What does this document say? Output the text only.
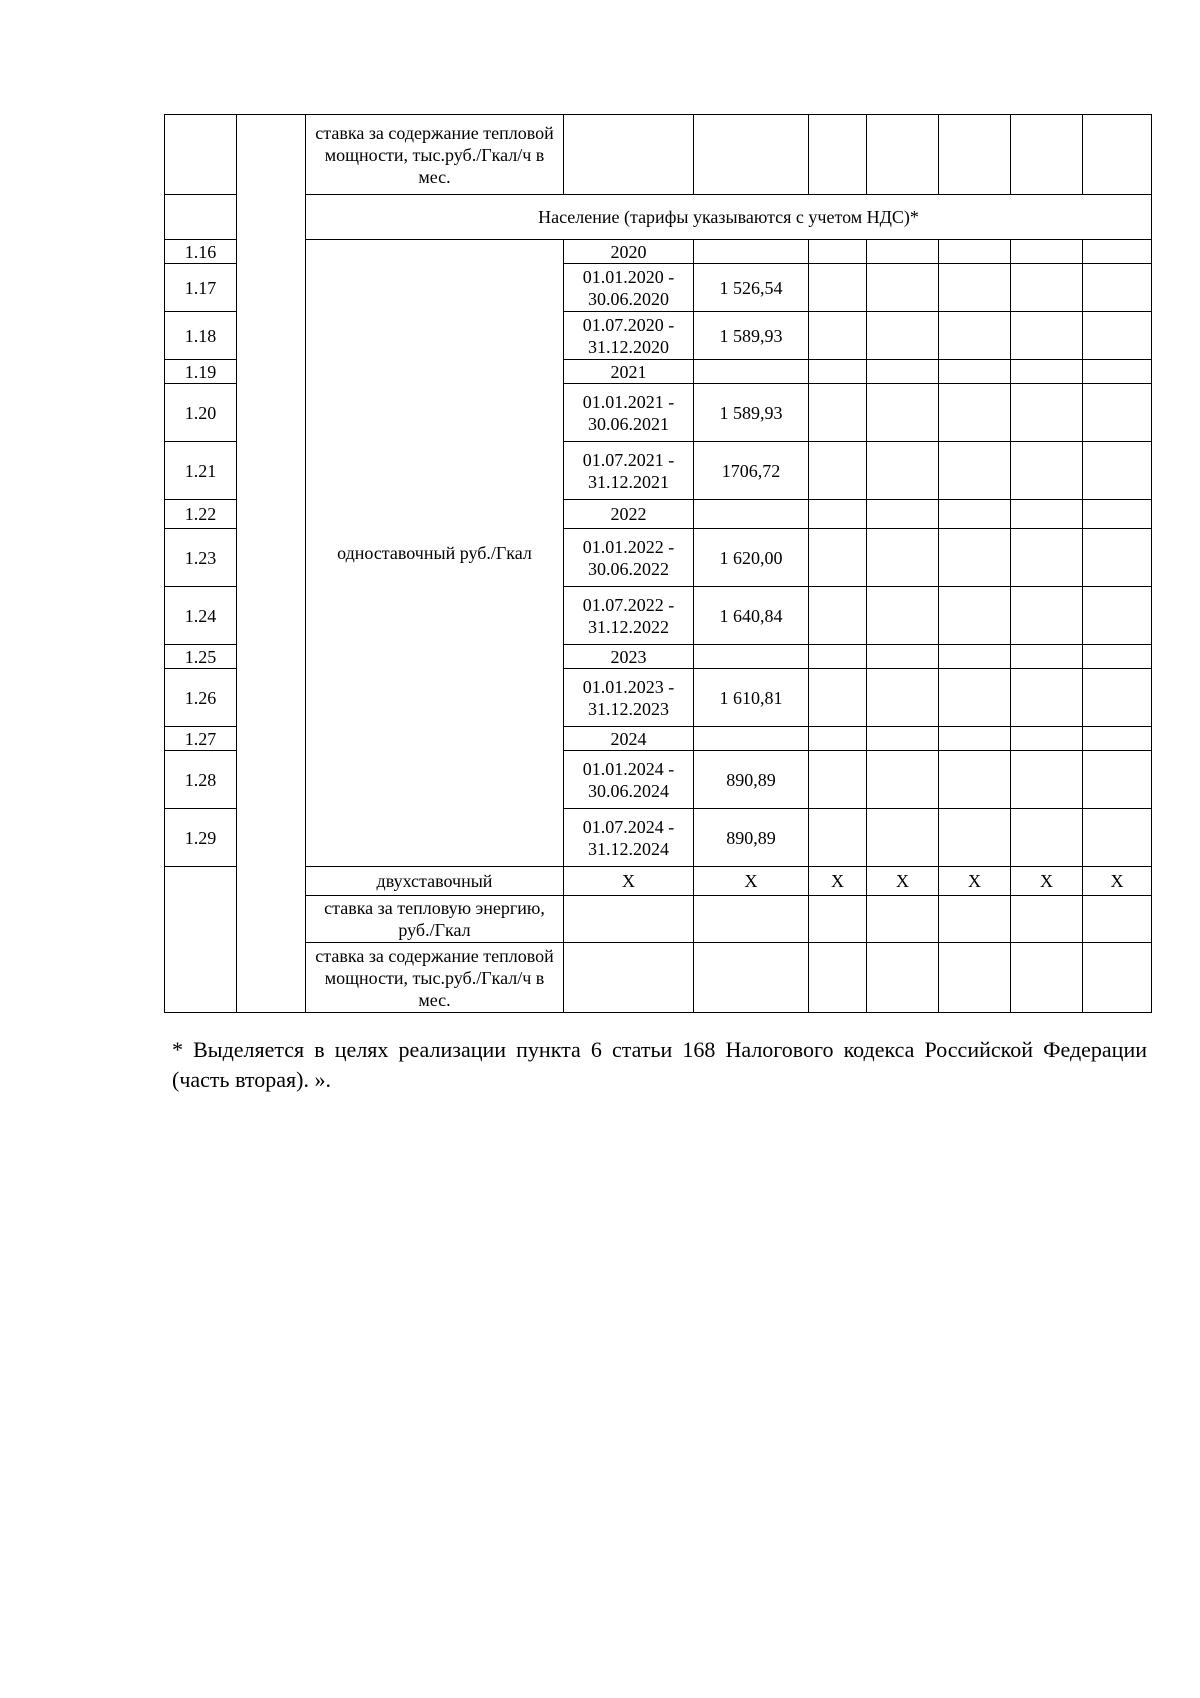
		ставка за содержание тепловой мощности, тыс.руб./Гкал/ч в мес.							
		Население (тарифы указываются с учетом НДС)*							
1.16		одноставочный руб./Гкал	2020						
1.17			01.01.2020 - 30.06.2020	1 526,54					
1.18			01.07.2020 - 31.12.2020	1 589,93					
1.19			2021						
1.20			01.01.2021 - 30.06.2021	1 589,93					
1.21			01.07.2021 - 31.12.2021	1706,72					
1.22			2022						
1.23			01.01.2022 - 30.06.2022	1 620,00					
1.24			01.07.2022 - 31.12.2022	1 640,84					
1.25			2023						
1.26			01.01.2023 - 31.12.2023	1 610,81					
1.27			2024						
1.28			01.01.2024 - 30.06.2024	890,89					
1.29			01.07.2024 - 31.12.2024	890,89					
		двухставочный	X	X	X	X	X	X	X
		ставка за тепловую энергию, руб./Гкал							
		ставка за содержание тепловой мощности, тыс.руб./Гкал/ч в мес.							
* Выделяется в целях реализации пункта 6 статьи 168 Налогового кодекса Российской Федерации (часть вторая). ».
